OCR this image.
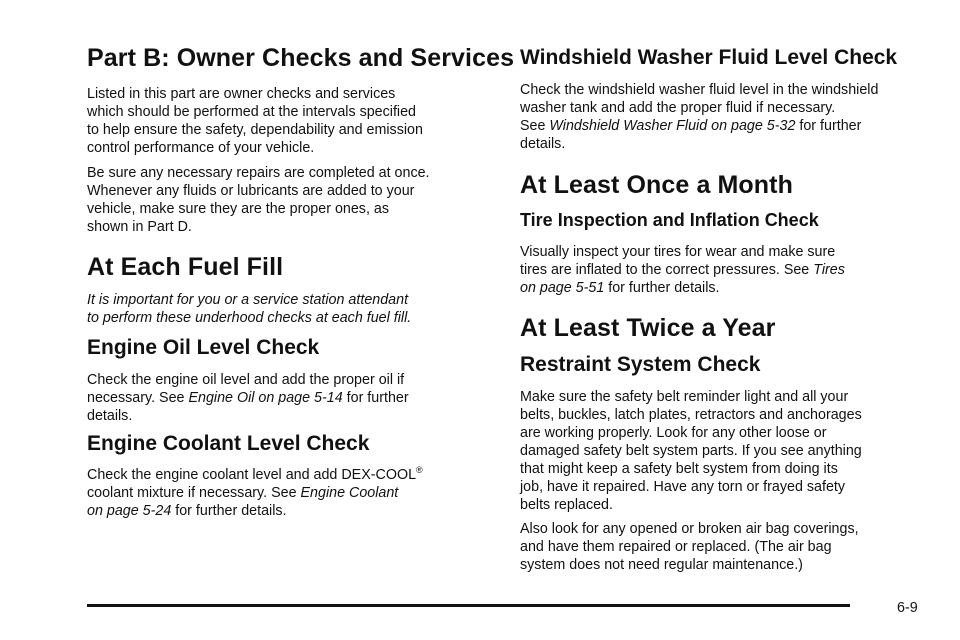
Part B: Owner Checks and Services

Listed in this part are owner checks and services
which should be performed at the intervals specified
to help ensure the safety, dependability and emission
control performance of your vehicle.

Be sure any necessary repairs are completed at once.
Whenever any fluids or lubricants are added to your
vehicle, make sure they are the proper ones, as
shown in Part D.

At Each Fuel Fill

It is important for you or a service station attendant
to perform these underhood checks at each fuel fill.

Engine Oil Level Check

Check the engine oil level and add the proper oil if
necessary. See Engine Oil on page 5-14 for further
details.

Engine Coolant Level Check

Check the engine coolant level and add DEX-COOL®
coolant mixture if necessary. See Engine Coolant
on page 5-24 for further details.

Windshield Washer Fluid Level Check

Check the windshield washer fluid level in the windshield
washer tank and add the proper fluid if necessary.
See Windshield Washer Fluid on page 5-32 for further
details.

At Least Once a Month
Tire Inspection and Inflation Check

Visually inspect your tires for wear and make sure
tires are inflated to the correct pressures. See Tires
on page 5-51 for further details.

At Least Twice a Year
Restraint System Check

Make sure the safety belt reminder light and all your
belts, buckles, latch plates, retractors and anchorages
are working properly. Look for any other loose or
damaged safety belt system parts. If you see anything
that might keep a safety belt system from doing its
job, have it repaired. Have any torn or frayed safety
belts replaced.

Also look for any opened or broken air bag coverings,
and have them repaired or replaced. (The air bag
system does not need regular maintenance.)

6-9
